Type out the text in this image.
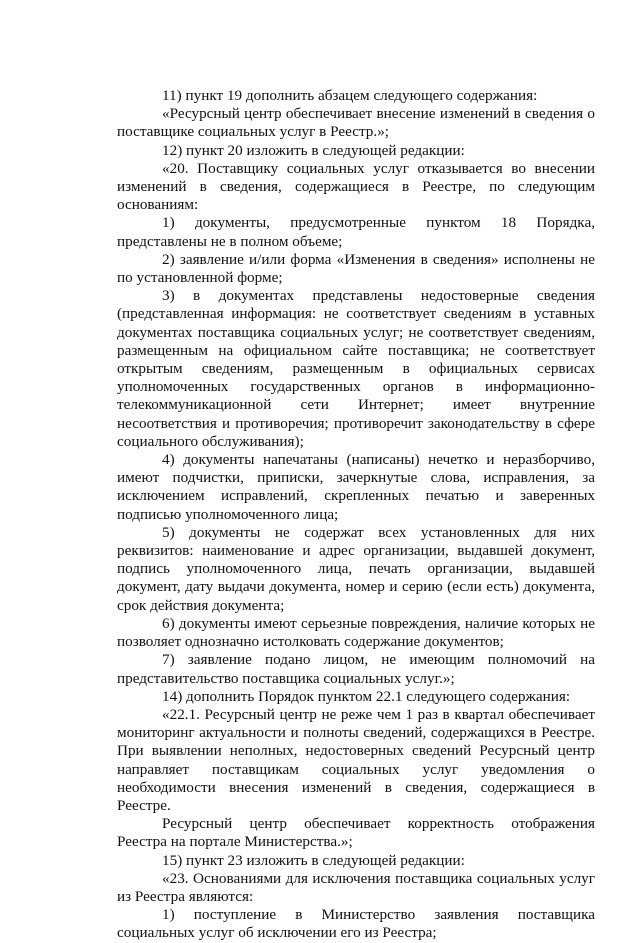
11) пункт 19 дополнить абзацем следующего содержания:

«Ресурсный центр обеспечивает внесение изменений в сведения о поставщике социальных услуг в Реестр.»;

12) пункт 20 изложить в следующей редакции:

«20. Поставщику социальных услуг отказывается во внесении изменений в сведения, содержащиеся в Реестре, по следующим основаниям:

1) документы, предусмотренные пунктом 18 Порядка, представлены не в полном объеме;

2) заявление и/или форма «Изменения в сведения» исполнены не по установленной форме;

3) в документах представлены недостоверные сведения (представленная информация: не соответствует сведениям в уставных документах поставщика социальных услуг; не соответствует сведениям, размещенным на официальном сайте поставщика; не соответствует открытым сведениям, размещенным в официальных сервисах уполномоченных государственных органов в информационно-телекоммуникационной сети Интернет; имеет внутренние несоответствия и противоречия; противоречит законодательству в сфере социального обслуживания);

4) документы напечатаны (написаны) нечетко и неразборчиво, имеют подчистки, приписки, зачеркнутые слова, исправления, за исключением исправлений, скрепленных печатью и заверенных подписью уполномоченного лица;

5) документы не содержат всех установленных для них реквизитов: наименование и адрес организации, выдавшей документ, подпись уполномоченного лица, печать организации, выдавшей документ, дату выдачи документа, номер и серию (если есть) документа, срок действия документа;

6) документы имеют серьезные повреждения, наличие которых не позволяет однозначно истолковать содержание документов;

7) заявление подано лицом, не имеющим полномочий на представительство поставщика социальных услуг.»;

14) дополнить Порядок пунктом 22.1 следующего содержания:

«22.1. Ресурсный центр не реже чем 1 раз в квартал обеспечивает мониторинг актуальности и полноты сведений, содержащихся в Реестре. При выявлении неполных, недостоверных сведений Ресурсный центр направляет поставщикам социальных услуг уведомления о необходимости внесения изменений в сведения, содержащиеся в Реестре.

Ресурсный центр обеспечивает корректность отображения Реестра на портале Министерства.»;

15) пункт 23 изложить в следующей редакции:

«23. Основаниями для исключения поставщика социальных услуг из Реестра являются:

1) поступление в Министерство заявления поставщика социальных услуг об исключении его из Реестра;
